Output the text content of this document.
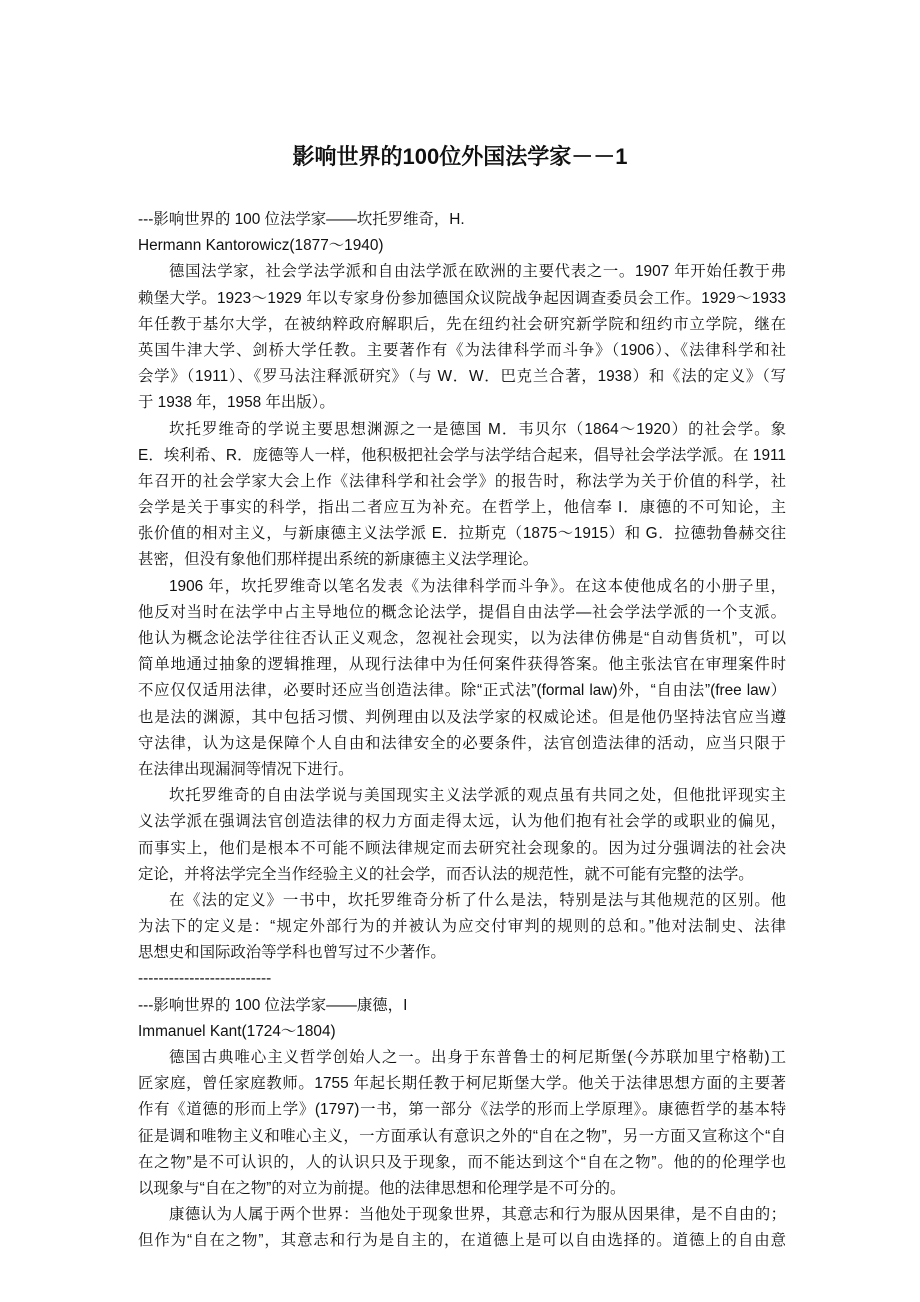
影响世界的100位外国法学家－－1
---影响世界的 100 位法学家——坎托罗维奇，H.
Hermann Kantorowicz(1877～1940)
德国法学家，社会学法学派和自由法学派在欧洲的主要代表之一。1907 年开始任教于弗
赖堡大学。1923～1929 年以专家身份参加德国众议院战争起因调查委员会工作。1929～1933
年任教于基尔大学，在被纳粹政府解职后，先在纽约社会研究新学院和纽约市立学院，继在
英国牛津大学、剑桥大学任教。主要著作有《为法律科学而斗争》（1906）、《法律科学和社
会学》（1911）、《罗马法注释派研究》（与 W．W．巴克兰合著，1938）和《法的定义》（写
于 1938 年，1958 年出版）。
坎托罗维奇的学说主要思想渊源之一是德国 M．韦贝尔（1864～1920）的社会学。象
E．埃利希、R．庞德等人一样，他积极把社会学与法学结合起来，倡导社会学法学派。在 1911
年召开的社会学家大会上作《法律科学和社会学》的报告时，称法学为关于价值的科学，社
会学是关于事实的科学，指出二者应互为补充。在哲学上，他信奉 I．康德的不可知论，主
张价值的相对主义，与新康德主义法学派 E．拉斯克（1875～1915）和 G．拉德勃鲁赫交往
甚密，但没有象他们那样提出系统的新康德主义法学理论。
1906 年，坎托罗维奇以笔名发表《为法律科学而斗争》。在这本使他成名的小册子里，
他反对当时在法学中占主导地位的概念论法学，提倡自由法学—社会学法学派的一个支派。
他认为概念论法学往往否认正义观念，忽视社会现实，以为法律仿佛是“自动售货机”，可以
简单地通过抽象的逻辑推理，从现行法律中为任何案件获得答案。他主张法官在审理案件时
不应仅仅适用法律，必要时还应当创造法律。除“正式法”(formal law)外，“自由法”(free law）
也是法的渊源，其中包括习惯、判例理由以及法学家的权威论述。但是他仍坚持法官应当遵
守法律，认为这是保障个人自由和法律安全的必要条件，法官创造法律的活动，应当只限于
在法律出现漏洞等情况下进行。
坎托罗维奇的自由法学说与美国现实主义法学派的观点虽有共同之处，但他批评现实主
义法学派在强调法官创造法律的权力方面走得太远，认为他们抱有社会学的或职业的偏见，
而事实上，他们是根本不可能不顾法律规定而去研究社会现象的。因为过分强调法的社会决
定论，并将法学完全当作经验主义的社会学，而否认法的规范性，就不可能有完整的法学。
在《法的定义》一书中，坎托罗维奇分析了什么是法，特别是法与其他规范的区别。他
为法下的定义是：“规定外部行为的并被认为应交付审判的规则的总和。”他对法制史、法律
思想史和国际政治等学科也曾写过不少著作。
--------------------------
---影响世界的 100 位法学家——康德，I
Immanuel Kant(1724～1804)
德国古典唯心主义哲学创始人之一。出身于东普鲁士的柯尼斯堡(今苏联加里宁格勒)工
匠家庭，曾任家庭教师。1755 年起长期任教于柯尼斯堡大学。他关于法律思想方面的主要著
作有《道德的形而上学》(1797)一书，第一部分《法学的形而上学原理》。康德哲学的基本特
征是调和唯物主义和唯心主义，一方面承认有意识之外的“自在之物”，另一方面又宣称这个“自
在之物”是不可认识的，人的认识只及于现象，而不能达到这个“自在之物”。他的的伦理学也
以现象与“自在之物”的对立为前提。他的法律思想和伦理学是不可分的。
康德认为人属于两个世界：当他处于现象世界，其意志和行为服从因果律，是不自由的；
但作为“自在之物”，其意志和行为是自主的，在道德上是可以自由选择的。道德上的自由意
